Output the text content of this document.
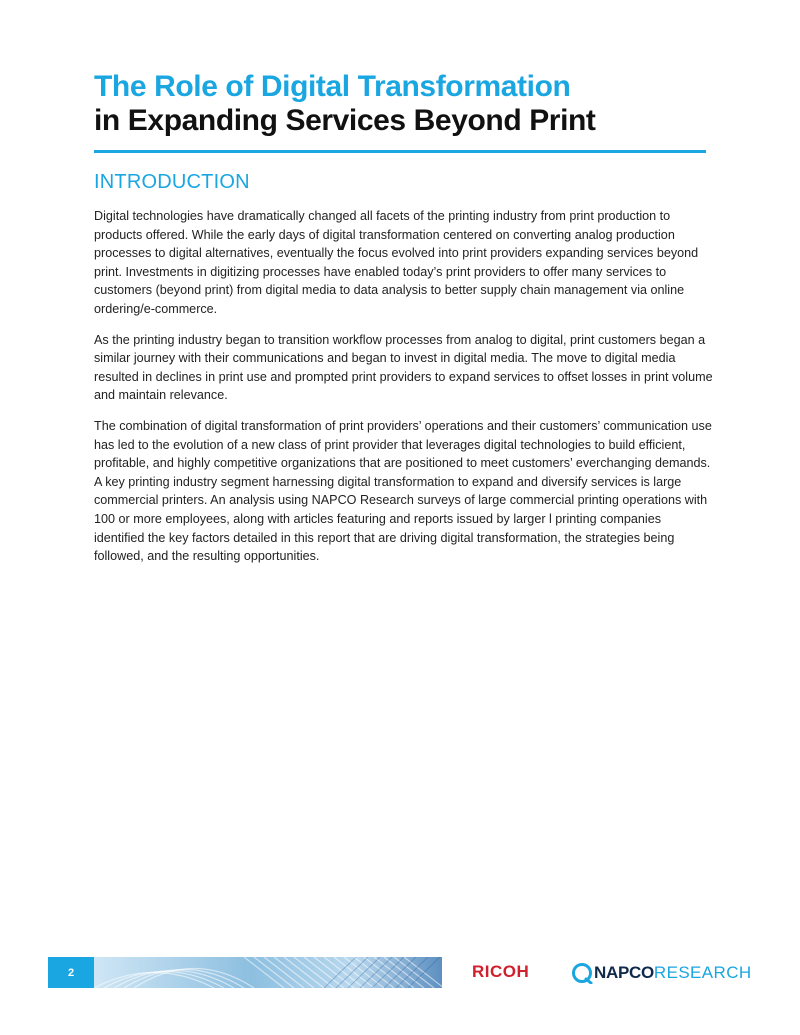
The Role of Digital Transformation
in Expanding Services Beyond Print
INTRODUCTION

Digital technologies have dramatically changed all facets of the printing industry from print production to products offered. While the early days of digital transformation centered on converting analog production processes to digital alternatives, eventually the focus evolved into print providers expanding services beyond print. Investments in digitizing processes have enabled today’s print providers to offer many services to customers (beyond print) from digital media to data analysis to better supply chain management via online ordering/e-commerce.

As the printing industry began to transition workflow processes from analog to digital, print customers began a similar journey with their communications and began to invest in digital media. The move to digital media resulted in declines in print use and prompted print providers to expand services to offset losses in print volume and maintain relevance.

The combination of digital transformation of print providers’ operations and their customers’ communication use has led to the evolution of a new class of print provider that leverages digital technologies to build efficient, profitable, and highly competitive organizations that are positioned to meet customers’ everchanging demands. A key printing industry segment harnessing digital transformation to expand and diversify services is large commercial printers. An analysis using NAPCO Research surveys of large commercial printing operations with 100 or more employees, along with articles featuring and reports issued by larger l printing companies identified the key factors detailed in this report that are driving digital transformation, the strategies being followed, and the resulting opportunities.

2	RICOH	NAPCO RESEARCH
